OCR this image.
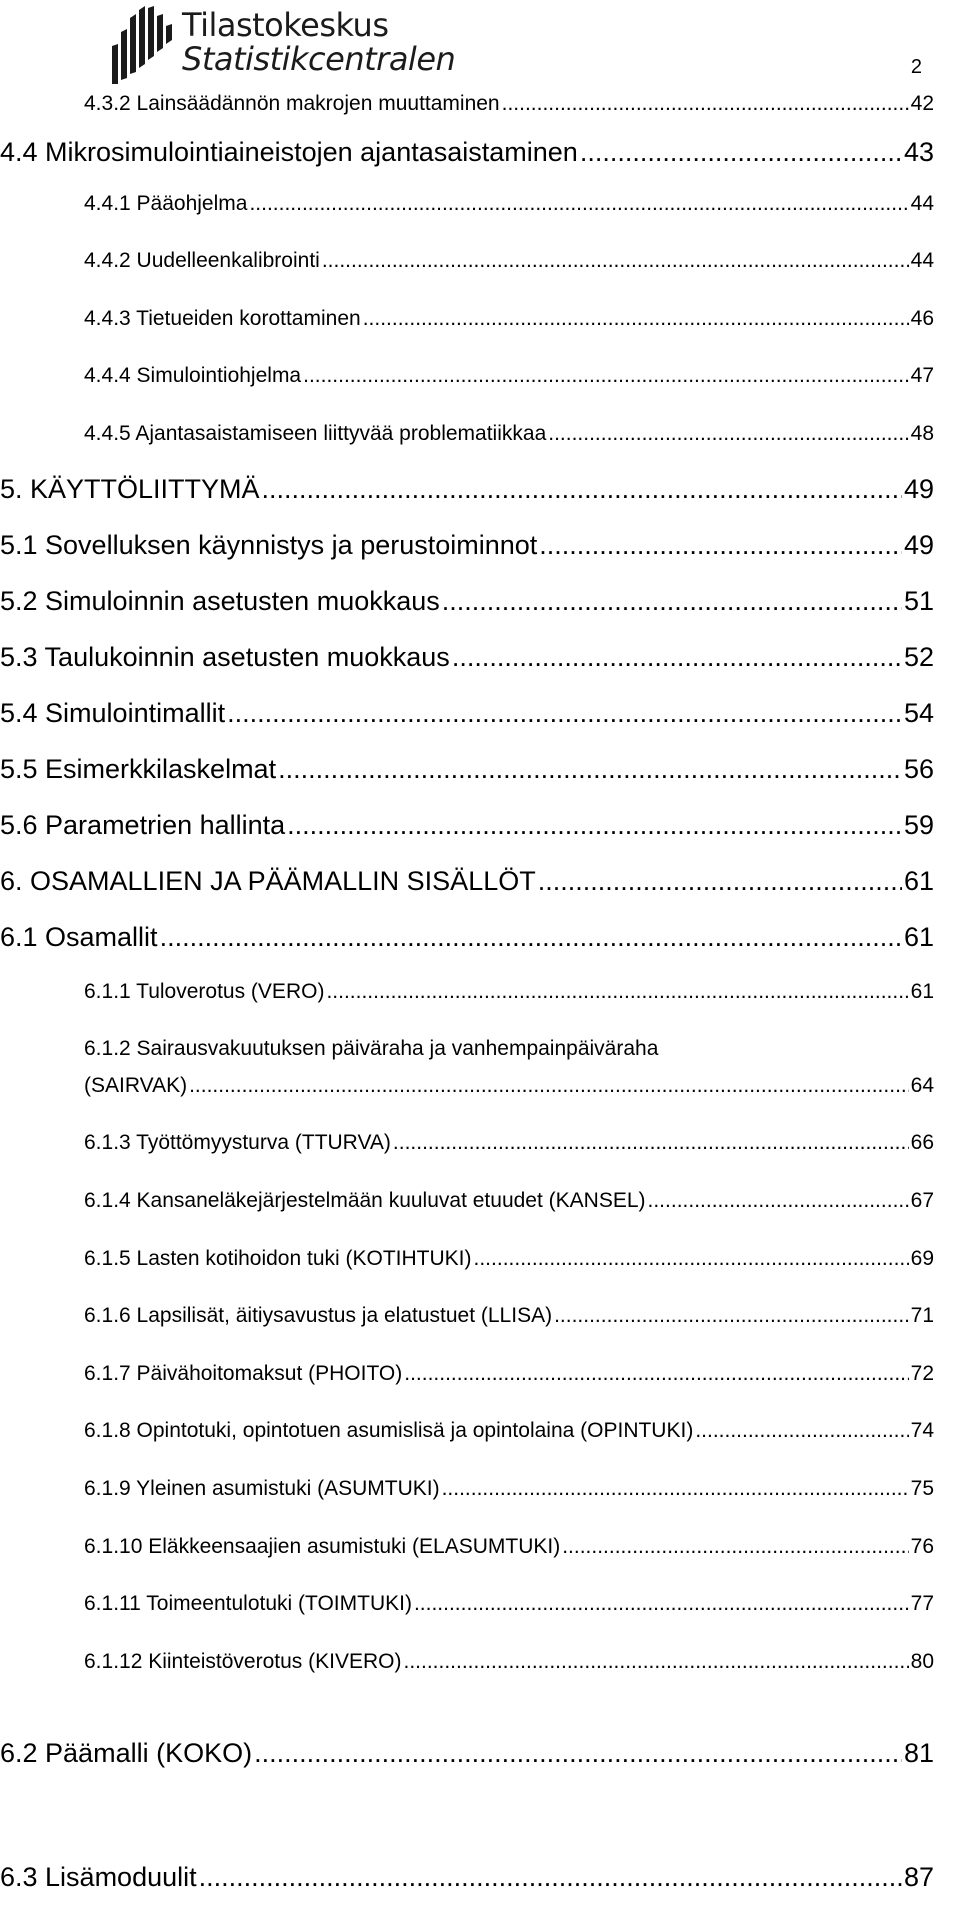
Tilastokeskus
Statistikcentralen	2
4.3.2 Lainsäädännön makrojen muuttaminen .....	42
4.4 Mikrosimulointiaineistojen ajantasaistaminen .....	43
4.4.1 Pääohjelma .....	44
4.4.2 Uudelleenkalibrointi .....	44
4.4.3 Tietueiden korottaminen .....	46
4.4.4 Simulointiohjelma .....	47
4.4.5 Ajantasaistamiseen liittyvää problematiikkaa .....	48
5. KÄYTTÖLIITTYMÄ .....	49
5.1 Sovelluksen käynnistys ja perustoiminnot .....	49
5.2 Simuloinnin asetusten muokkaus .....	51
5.3 Taulukoinnin asetusten muokkaus .....	52
5.4 Simulointimallit .....	54
5.5 Esimerkkilaskelmat .....	56
5.6 Parametrien hallinta .....	59
6. OSAMALLIEN JA PÄÄMALLIN SISÄLLÖT .....	61
6.1 Osamallit .....	61
6.1.1 Tuloverotus (VERO) .....	61
6.1.2 Sairausvakuutuksen päiväraha ja vanhempainpäiväraha
(SAIRVAK) .....	64
6.1.3 Työttömyysturva (TTURVA) .....	66
6.1.4 Kansaneläkejärjestelmään kuuluvat etuudet (KANSEL) .....	67
6.1.5 Lasten kotihoidon tuki (KOTIHTUKI) .....	69
6.1.6 Lapsilisät, äitiysavustus ja elatustuet (LLISA) .....	71
6.1.7 Päivähoitomaksut (PHOITO) .....	72
6.1.8 Opintotuki, opintotuen asumislisä ja opintolaina (OPINTUKI) .....	74
6.1.9 Yleinen asumistuki (ASUMTUKI) .....	75
6.1.10 Eläkkeensaajien asumistuki (ELASUMTUKI) .....	76
6.1.11 Toimeentulotuki (TOIMTUKI) .....	77
6.1.12 Kiinteistöverotus (KIVERO) .....	80
6.2 Päämalli (KOKO) .....	81
6.3 Lisämoduulit .....	87
